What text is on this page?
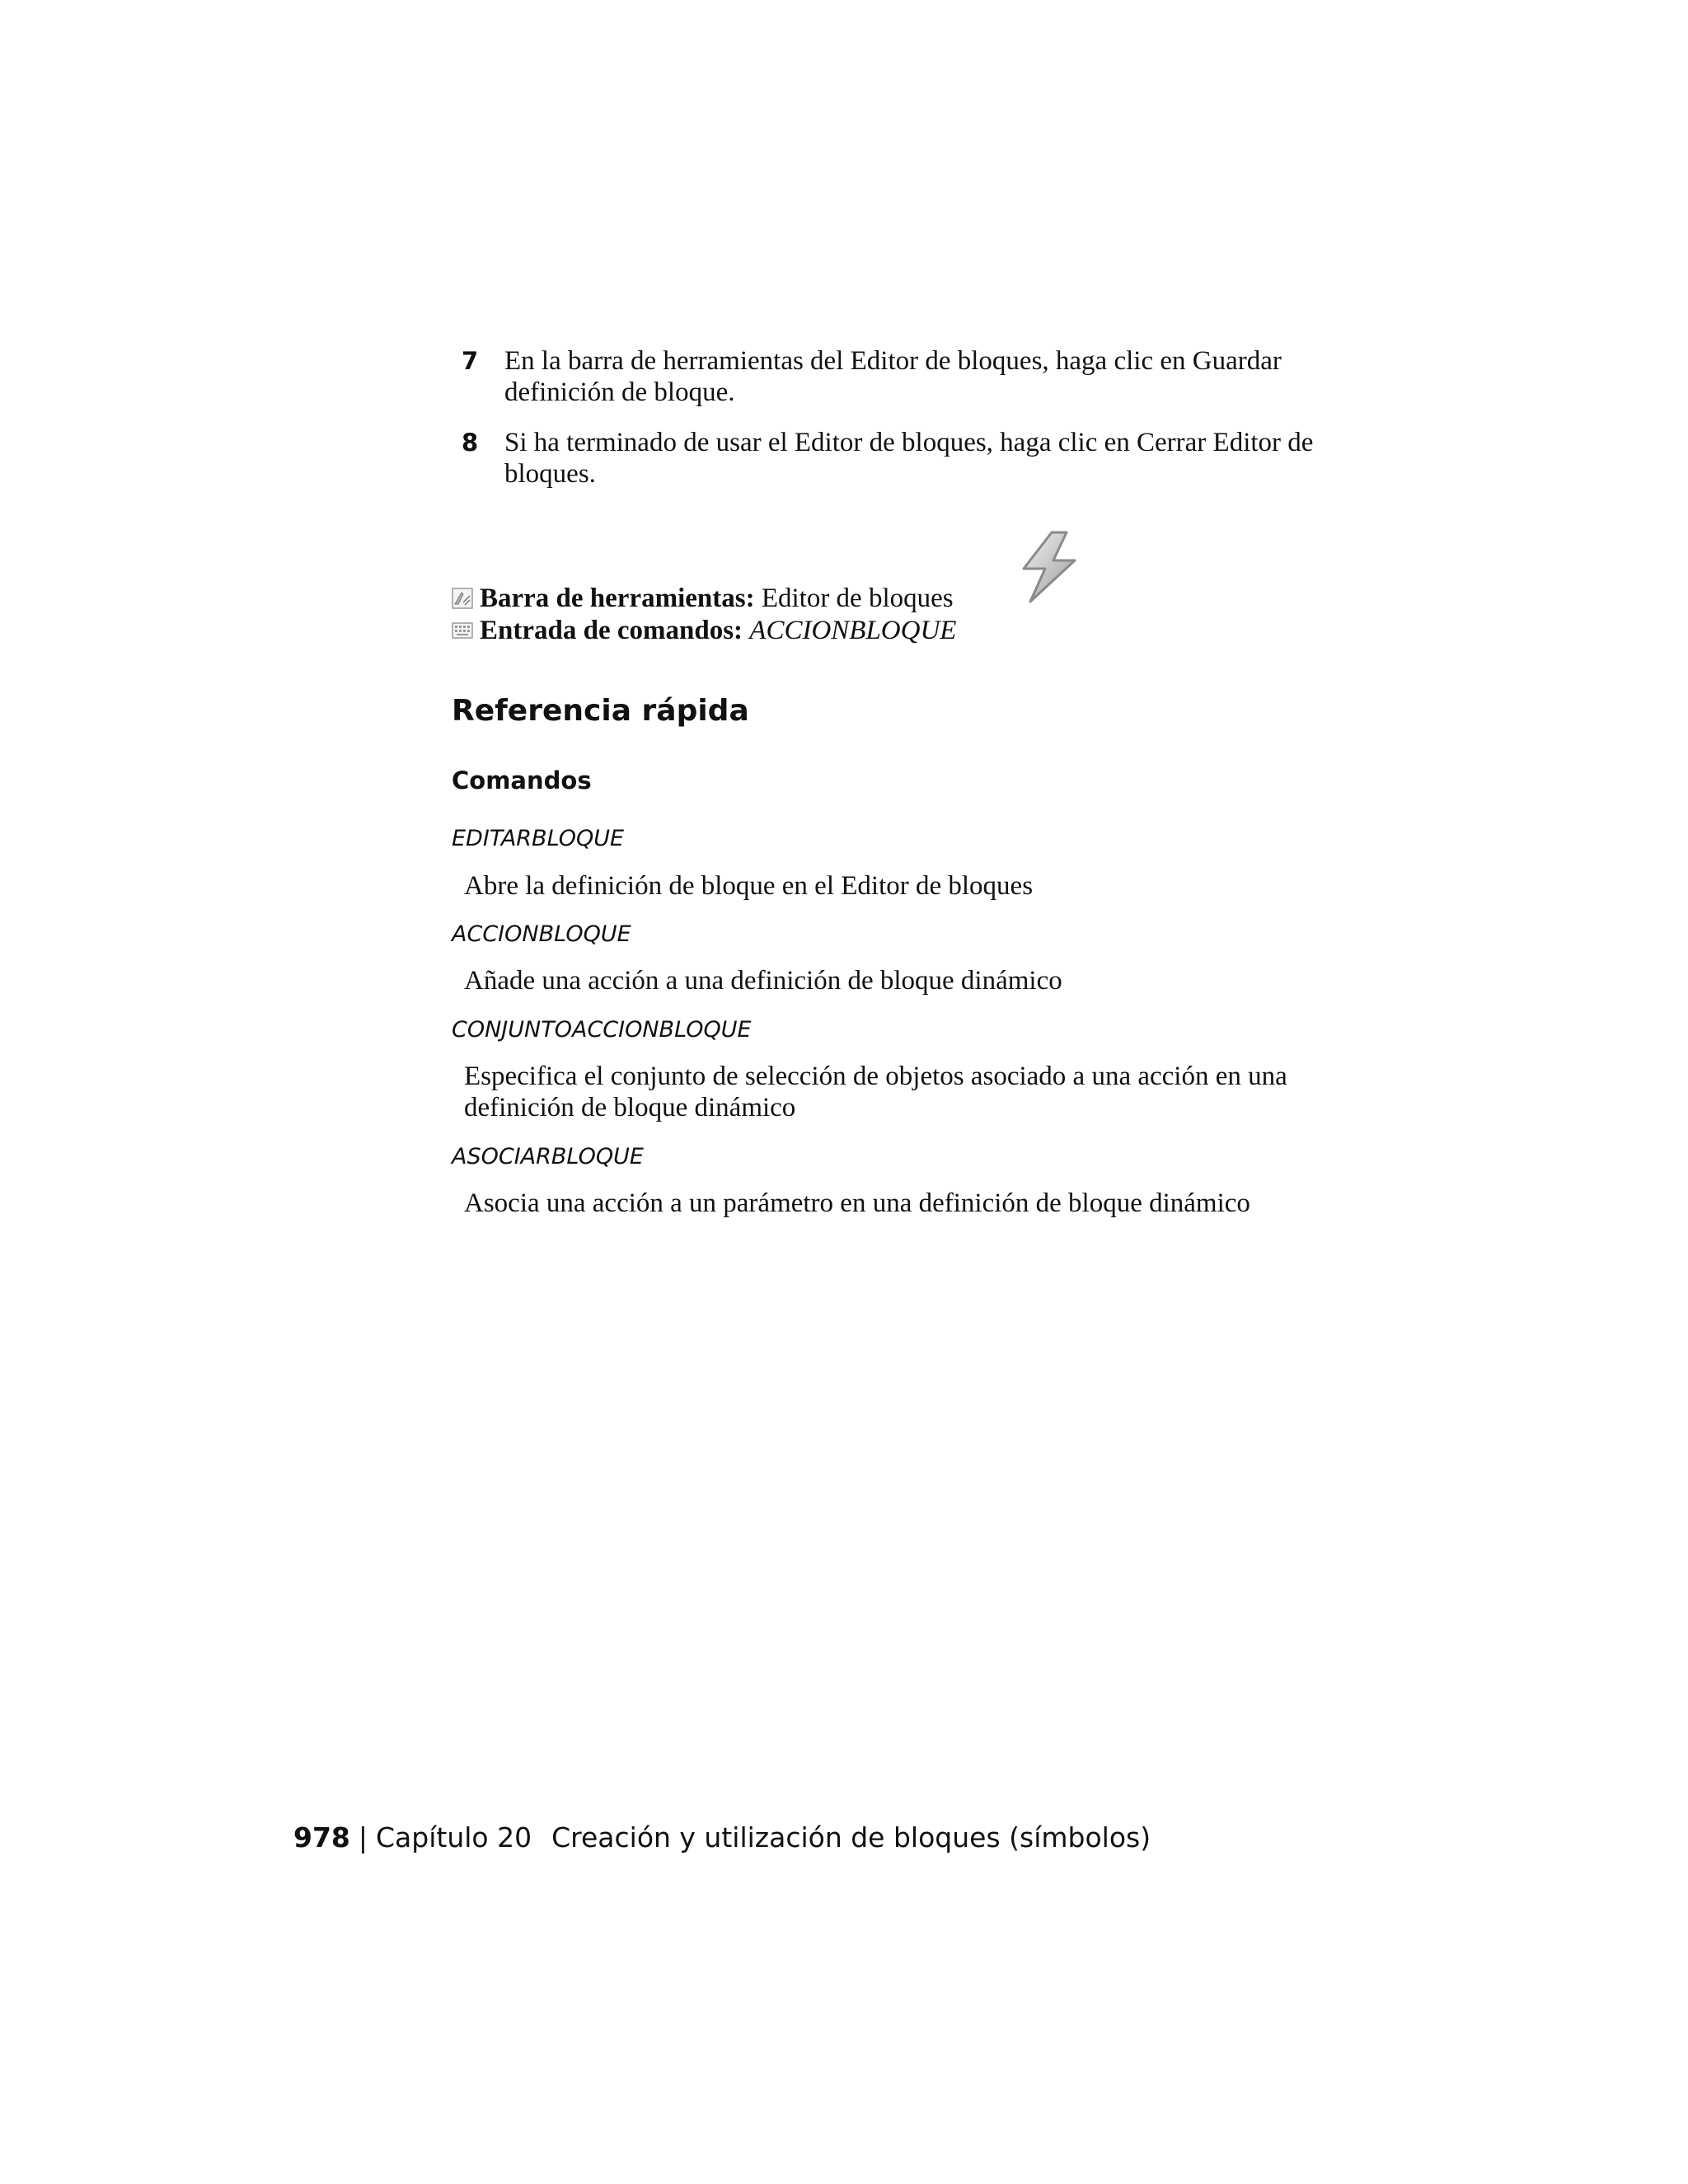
7 En la barra de herramientas del Editor de bloques, haga clic en Guardar definición de bloque.
8 Si ha terminado de usar el Editor de bloques, haga clic en Cerrar Editor de bloques.
Barra de herramientas: Editor de bloques
Entrada de comandos: ACCIONBLOQUE
Referencia rápida
Comandos
EDITARBLOQUE
Abre la definición de bloque en el Editor de bloques
ACCIONBLOQUE
Añade una acción a una definición de bloque dinámico
CONJUNTOACCIONBLOQUE
Especifica el conjunto de selección de objetos asociado a una acción en una definición de bloque dinámico
ASOCIARBLOQUE
Asocia una acción a un parámetro en una definición de bloque dinámico
978 | Capítulo 20 Creación y utilización de bloques (símbolos)
